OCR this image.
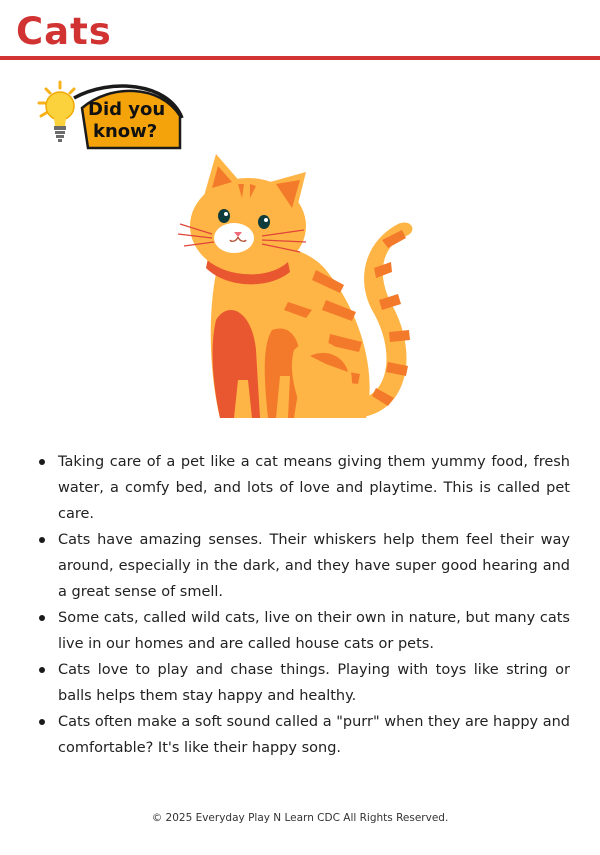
Cats
Did you
know?
Taking care of a pet like a cat means giving them yummy food, fresh water, a comfy bed, and lots of love and playtime. This is called pet care.
Cats have amazing senses. Their whiskers help them feel their way around, especially in the dark, and they have super good hearing and a great sense of smell.
Some cats, called wild cats, live on their own in nature, but many cats live in our homes and are called house cats or pets.
Cats love to play and chase things. Playing with toys like string or balls helps them stay happy and healthy.
Cats often make a soft sound called a "purr" when they are happy and comfortable? It's like their happy song.
© 2025 Everyday Play N Learn CDC All Rights Reserved.
